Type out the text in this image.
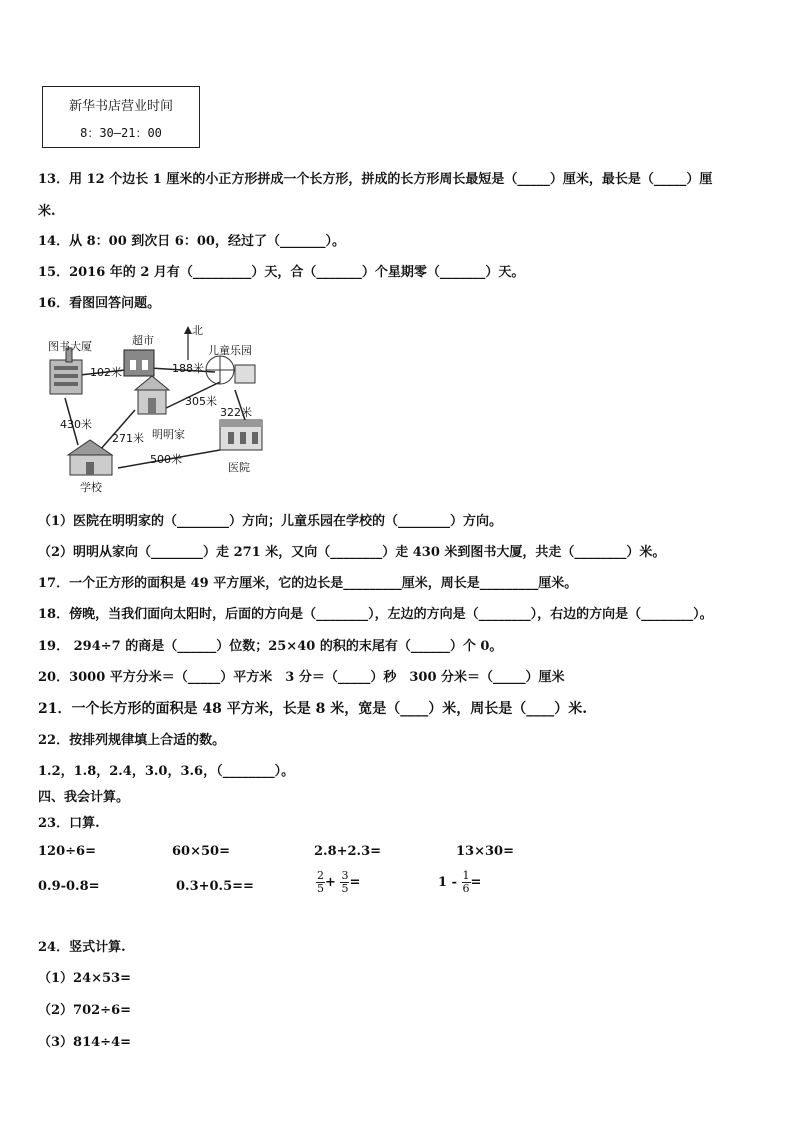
新华书店营业时间
8：30—21：00
13．用 12 个边长 1 厘米的小正方形拼成一个长方形，拼成的长方形周长最短是（_____）厘米，最长是（_____）厘
米.
14．从 8：00 到次日 6：00，经过了（_______）。
15．2016 年的 2 月有（_________）天，合（_______）个星期零（_______）天。
16．看图回答问题。
图书大厦	超市
北
儿童乐园
明明家
学校
医院
102米	188米
305米
322米
430米
271米
500米
（1）医院在明明家的（________）方向；儿童乐园在学校的（________）方向。
（2）明明从家向（________）走 271 米，又向（________）走 430 米到图书大厦，共走（________）米。
17．一个正方形的面积是 49 平方厘米，它的边长是_________厘米，周长是_________厘米。
18．傍晚，当我们面向太阳时，后面的方向是（________），左边的方向是（________），右边的方向是（________）。
19． 294÷7 的商是（______）位数；25×40 的积的末尾有（______）个 0。
20．3000 平方分米＝（_____）平方米　3 分＝（_____）秒　300 分米＝（_____）厘米
21．一个长方形的面积是 48 平方米，长是 8 米，宽是（____）米，周长是（____）米.
22．按排列规律填上合适的数。
1.2，1.8，2.4，3.0，3.6，（________）。
四、我会计算。
23．口算.
120÷6=	60×50=	2.8+2.3=	13×30=
0.9-0.8=	0.3+0.5==	$\frac{2}{5} + \frac{3}{5}$ =	$1 - \frac{1}{6}$ =
24．竖式计算.
（1）24×53=
（2）702÷6=
（3）814÷4=
